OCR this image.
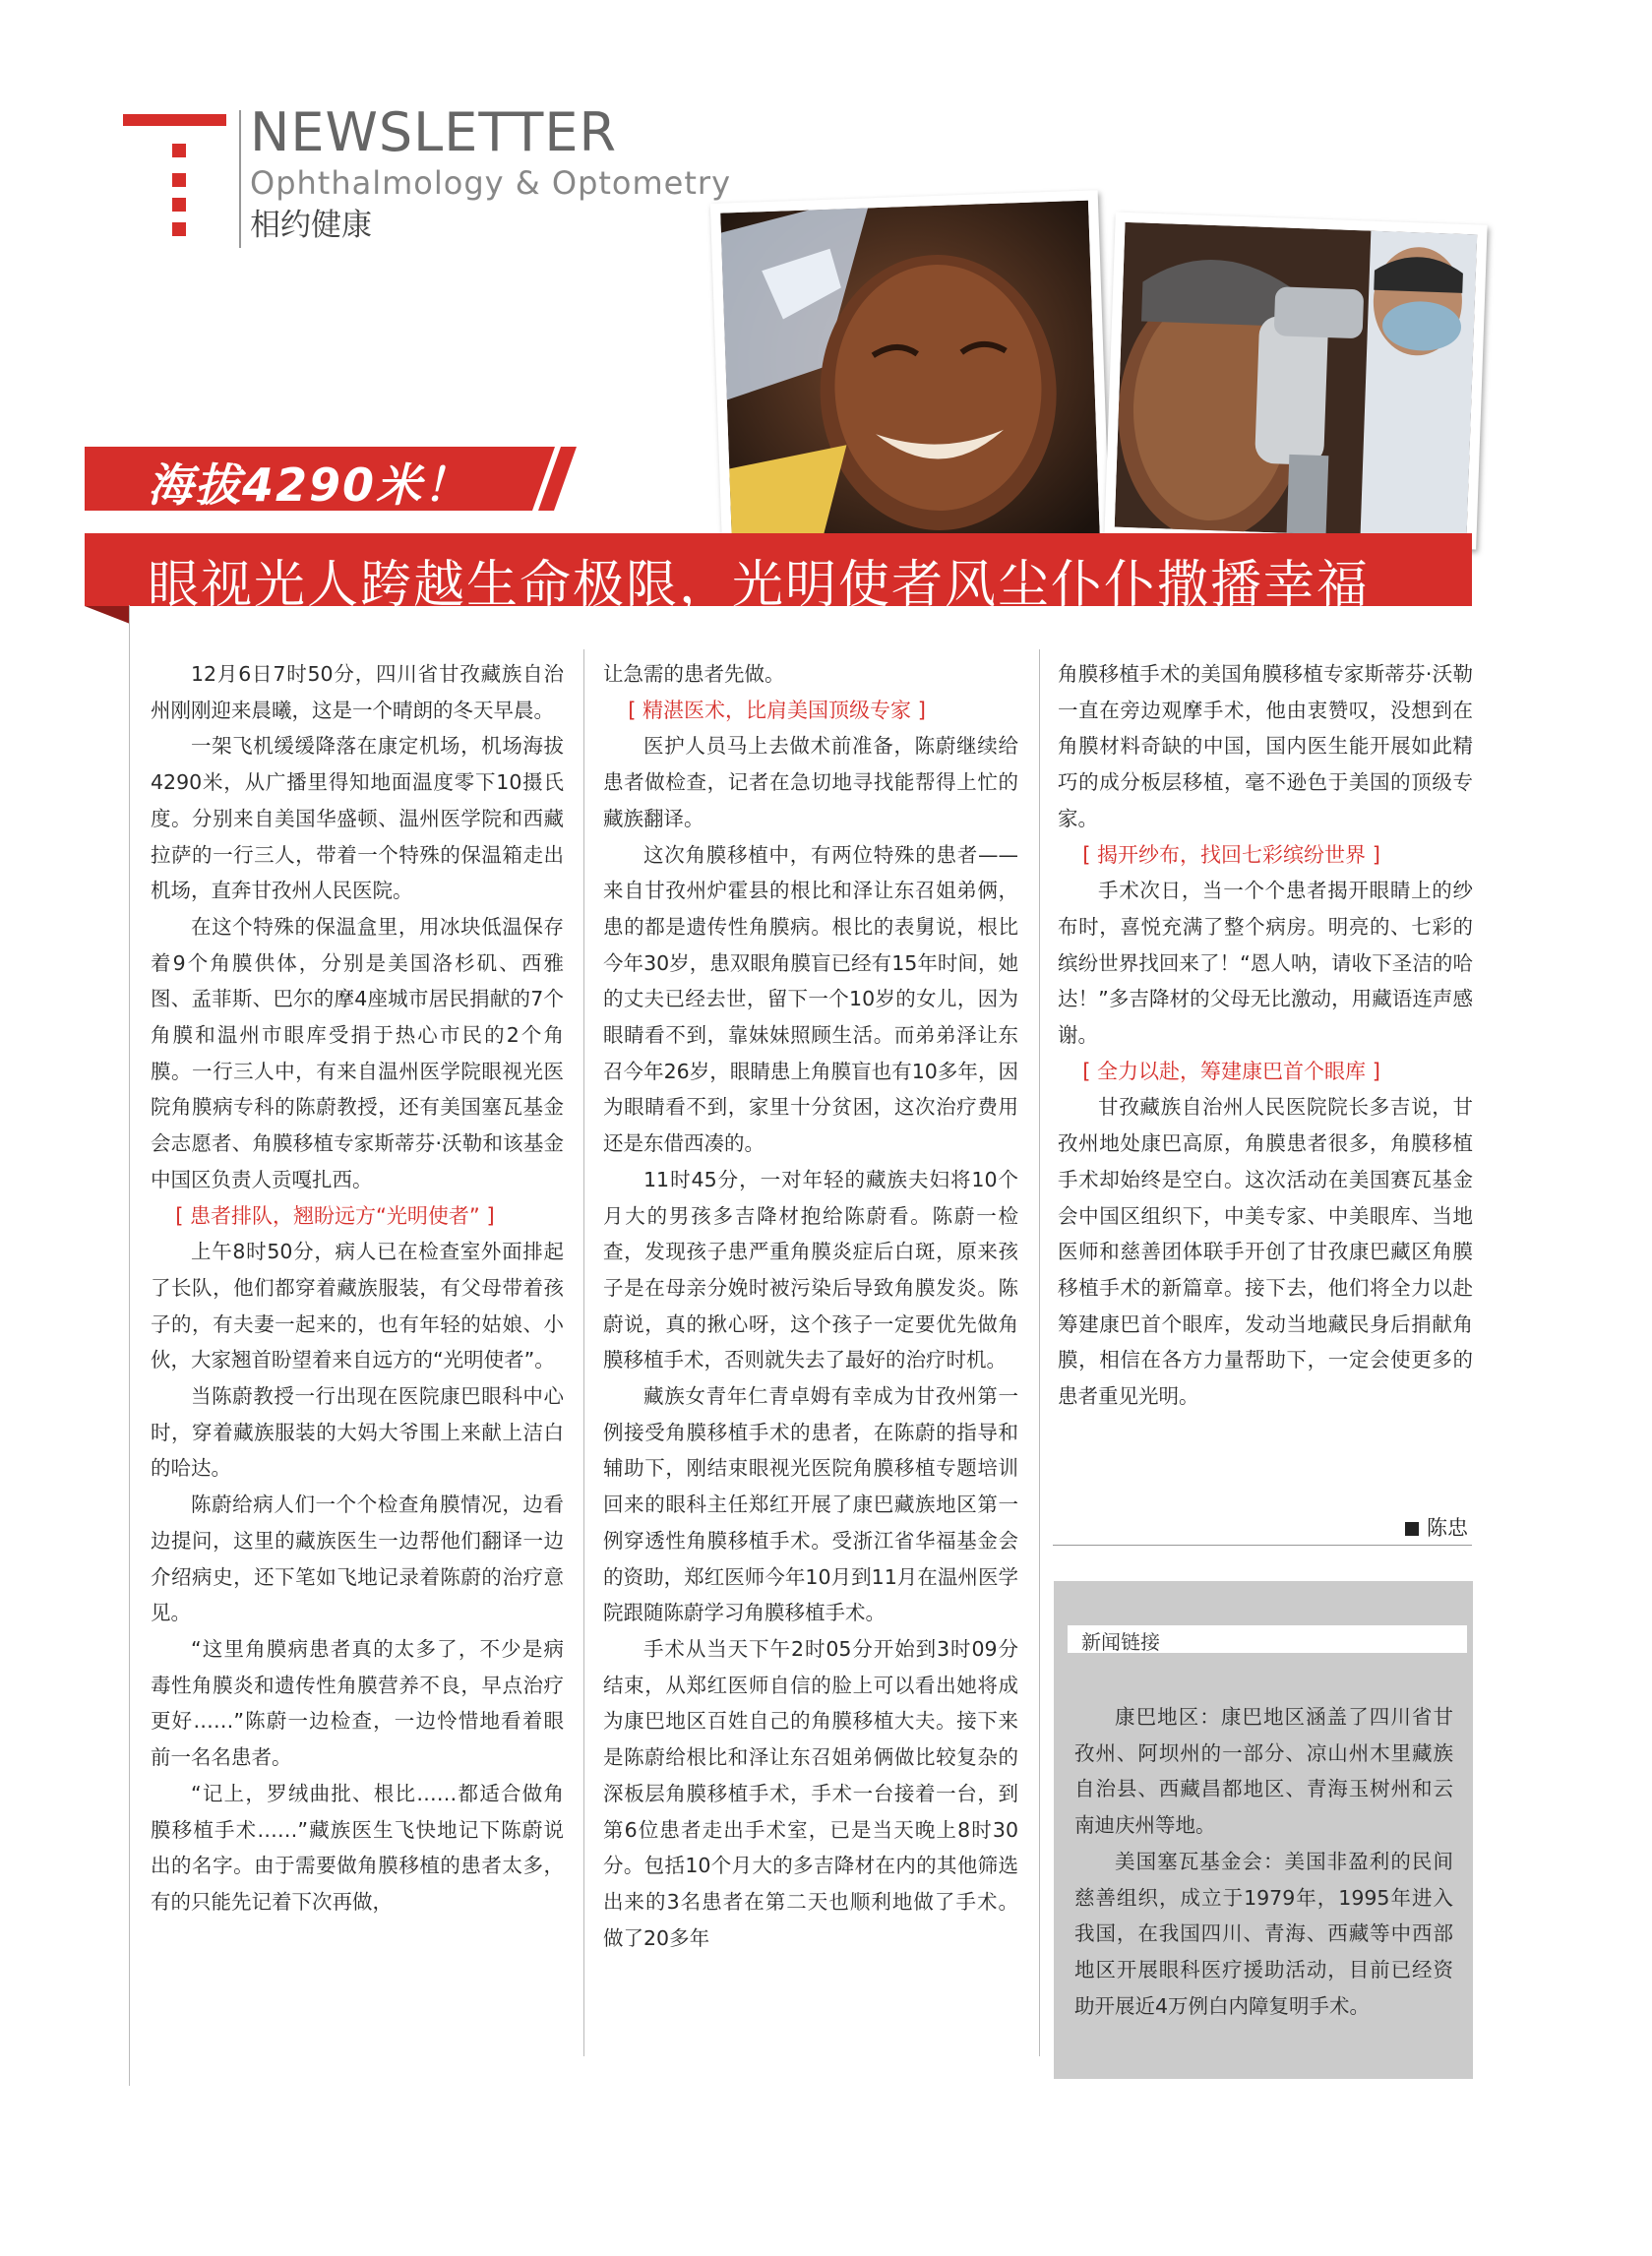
NEWSLETTER
Ophthalmology & Optometry
相约健康
海拔4290米！
眼视光人跨越生命极限，光明使者风尘仆仆撒播幸福

12月6日7时50分，四川省甘孜藏族自治州刚刚迎来晨曦，这是一个晴朗的冬天早晨。

一架飞机缓缓降落在康定机场，机场海拔4290米，从广播里得知地面温度零下10摄氏度。分别来自美国华盛顿、温州医学院和西藏拉萨的一行三人，带着一个特殊的保温箱走出机场，直奔甘孜州人民医院。

在这个特殊的保温盒里，用冰块低温保存着9个角膜供体，分别是美国洛杉矶、西雅图、孟菲斯、巴尔的摩4座城市居民捐献的7个角膜和温州市眼库受捐于热心市民的2个角膜。一行三人中，有来自温州医学院眼视光医院角膜病专科的陈蔚教授，还有美国塞瓦基金会志愿者、角膜移植专家斯蒂芬·沃勒和该基金中国区负责人贡嘎扎西。

[ 患者排队，翘盼远方“光明使者” ]

上午8时50分，病人已在检查室外面排起了长队，他们都穿着藏族服装，有父母带着孩子的，有夫妻一起来的，也有年轻的姑娘、小伙，大家翘首盼望着来自远方的“光明使者”。

当陈蔚教授一行出现在医院康巴眼科中心时，穿着藏族服装的大妈大爷围上来献上洁白的哈达。

陈蔚给病人们一个个检查角膜情况，边看边提问，这里的藏族医生一边帮他们翻译一边介绍病史，还下笔如飞地记录着陈蔚的治疗意见。

“这里角膜病患者真的太多了，不少是病毒性角膜炎和遗传性角膜营养不良，早点治疗更好……”陈蔚一边检查，一边怜惜地看着眼前一名名患者。

“记上，罗绒曲批、根比……都适合做角膜移植手术……”藏族医生飞快地记下陈蔚说出的名字。由于需要做角膜移植的患者太多，有的只能先记着下次再做，

让急需的患者先做。

[ 精湛医术，比肩美国顶级专家 ]

医护人员马上去做术前准备，陈蔚继续给患者做检查，记者在急切地寻找能帮得上忙的藏族翻译。

这次角膜移植中，有两位特殊的患者——来自甘孜州炉霍县的根比和泽让东召姐弟俩，患的都是遗传性角膜病。根比的表舅说，根比今年30岁，患双眼角膜盲已经有15年时间，她的丈夫已经去世，留下一个10岁的女儿，因为眼睛看不到，靠妹妹照顾生活。而弟弟泽让东召今年26岁，眼睛患上角膜盲也有10多年，因为眼睛看不到，家里十分贫困，这次治疗费用还是东借西凑的。

11时45分，一对年轻的藏族夫妇将10个月大的男孩多吉降材抱给陈蔚看。陈蔚一检查，发现孩子患严重角膜炎症后白斑，原来孩子是在母亲分娩时被污染后导致角膜发炎。陈蔚说，真的揪心呀，这个孩子一定要优先做角膜移植手术，否则就失去了最好的治疗时机。

藏族女青年仁青卓姆有幸成为甘孜州第一例接受角膜移植手术的患者，在陈蔚的指导和辅助下，刚结束眼视光医院角膜移植专题培训回来的眼科主任郑红开展了康巴藏族地区第一例穿透性角膜移植手术。受浙江省华福基金会的资助，郑红医师今年10月到11月在温州医学院跟随陈蔚学习角膜移植手术。

手术从当天下午2时05分开始到3时09分结束，从郑红医师自信的脸上可以看出她将成为康巴地区百姓自己的角膜移植大夫。接下来是陈蔚给根比和泽让东召姐弟俩做比较复杂的深板层角膜移植手术，手术一台接着一台，到第6位患者走出手术室，已是当天晚上8时30分。包括10个月大的多吉降材在内的其他筛选出来的3名患者在第二天也顺利地做了手术。做了20多年

角膜移植手术的美国角膜移植专家斯蒂芬·沃勒一直在旁边观摩手术，他由衷赞叹，没想到在角膜材料奇缺的中国，国内医生能开展如此精巧的成分板层移植，毫不逊色于美国的顶级专家。

[ 揭开纱布，找回七彩缤纷世界 ]

手术次日，当一个个患者揭开眼睛上的纱布时，喜悦充满了整个病房。明亮的、七彩的缤纷世界找回来了！“恩人呐，请收下圣洁的哈达！”多吉降材的父母无比激动，用藏语连声感谢。

[ 全力以赴，筹建康巴首个眼库 ]

甘孜藏族自治州人民医院院长多吉说，甘孜州地处康巴高原，角膜患者很多，角膜移植手术却始终是空白。这次活动在美国赛瓦基金会中国区组织下，中美专家、中美眼库、当地医师和慈善团体联手开创了甘孜康巴藏区角膜移植手术的新篇章。接下去，他们将全力以赴筹建康巴首个眼库，发动当地藏民身后捐献角膜，相信在各方力量帮助下，一定会使更多的患者重见光明。

陈忠
新闻链接

康巴地区：康巴地区涵盖了四川省甘孜州、阿坝州的一部分、凉山州木里藏族自治县、西藏昌都地区、青海玉树州和云南迪庆州等地。

美国塞瓦基金会：美国非盈利的民间慈善组织，成立于1979年，1995年进入我国，在我国四川、青海、西藏等中西部地区开展眼科医疗援助活动，目前已经资助开展近4万例白内障复明手术。
